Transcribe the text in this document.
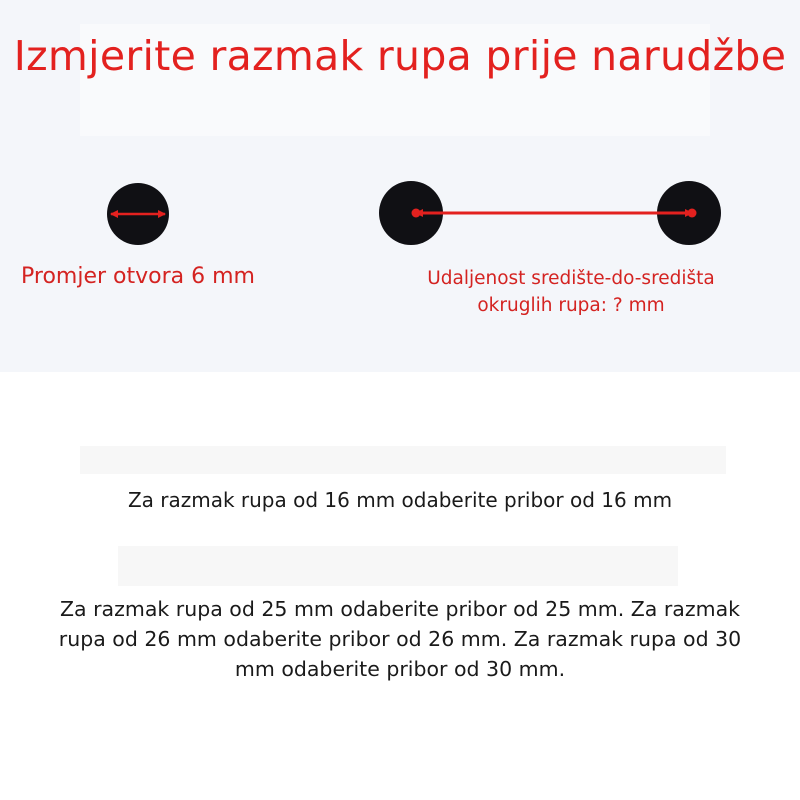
Izmjerite razmak rupa prije narudžbe
Promjer otvora 6 mm	Udaljenost središte-do-središta okruglih rupa: ? mm
Za razmak rupa od 16 mm odaberite pribor od 16 mm
Za razmak rupa od 25 mm odaberite pribor od 25 mm. Za razmak rupa od 26 mm odaberite pribor od 26 mm. Za razmak rupa od 30 mm odaberite pribor od 30 mm.
